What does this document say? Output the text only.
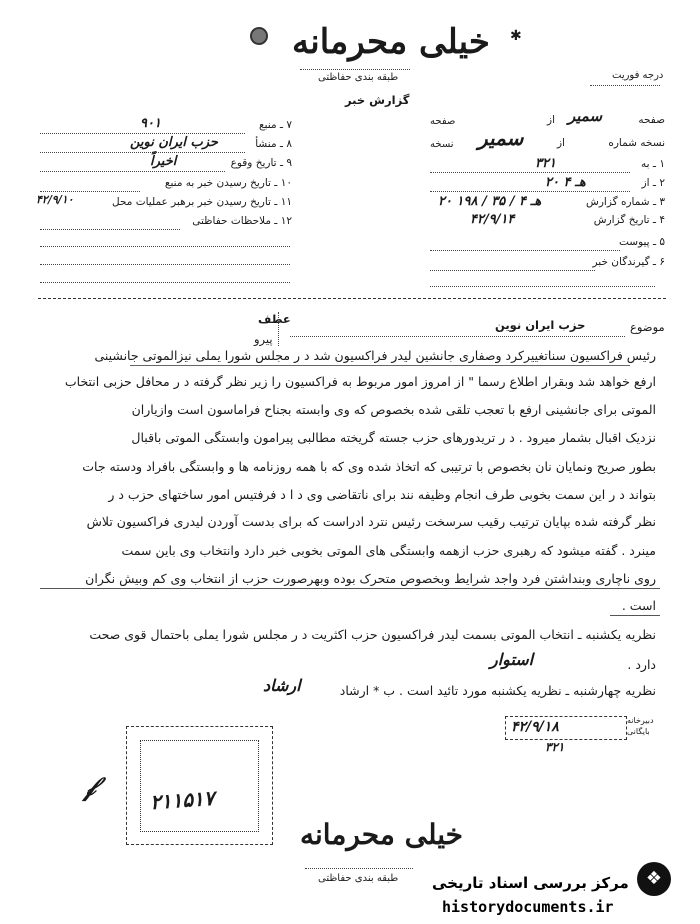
✱
خیلی محرمانه
طبقه بندی حفاظتی
گزارش خبر
درجه فوریت
صفحه از سمیر
صفحه
نسخه شماره از
سمیر
نسخه
۱ ـ به
۳۲۱
۲ ـ از
۲۰ هـ ۴
۳ ـ شماره گزارش
۲۰ هـ ۴ / ۳۵ / ۱۹۸
۴ ـ تاریخ گزارش
۴۲/۹/۱۴
۵ ـ پیوست
۶ ـ گیرندگان خبر
۷ ـ منبع
۹۰۱
۸ ـ منشأ
حزب ایران نوین
۹ ـ تاریخ وقوع
اخیراً
۱۰ ـ تاریخ رسیدن خبر به منبع
۱۱ ـ تاریخ رسیدن خبر برهبر عملیات محل
۴۲/۹/۱۰
۱۲ ـ ملاحظات حفاظتی
عطف
پیرو
موضوع
حزب ایران نوین
رئیس فراکسیون سناتغییرکرد وصفاری جانشین لیدر فراکسیون شد د ر مجلس شورا یملی نیزالموتی جانشینی
ارفع خواهد شد وبقرار اطلاع رسما " از امروز امور مربوط به فراکسیون را زیر نظر گرفته د ر محافل حزبی انتخاب
الموتی برای جانشینی ارفع با تعجب تلقی شده بخصوص که وی وابسته بجناح فراماسون است وازیاران
نزدیک اقبال بشمار میرود . د ر تریدورهای حزب جسته گریخته مطالبی پیرامون وابستگی الموتی باقبال
بطور صریح ونمایان نان بخصوص با ترتیبی که اتخاذ شده وی که با همه روزنامه ها و وابستگی بافراد ودسته جات
بتواند د ر این سمت بخوبی طرف انجام وظیفه نند برای ناتقاضی وی د ا د فرفتیس امور ساختهای حزب د ر
نظر گرفته شده بپایان ترتیب رقیب سرسخت رئیس نترد ادراست که برای بدست آوردن لیدری فراکسیون تلاش
مینرد . گفته میشود که رهبری حزب ازهمه وابستگی های الموتی بخوبی خبر دارد وانتخاب وی باین سمت
روی ناچاری وبنداشتن فرد واجد شرایط وبخصوص متحرک بوده وبهرصورت حزب از انتخاب وی کم وبیش نگران
است .
نظریه یکشنبه ـ انتخاب الموتی بسمت لیدر فراکسیون حزب اکثریت د ر مجلس شورا یملی باحتمال قوی صحت
دارد .
استوار
نظریه چهارشنبه ـ نظریه یکشنبه مورد تائید است . ب * ارشاد
ارشاد
۴۲/۹/۱۸
۳۲۱
دبیرخانه
بایگانی
۲۱۱۵۱۷
𝒻
خیلی محرمانه
طبقه بندی حفاظتی	❖
مرکز بررسی اسناد تاریخی
historydocuments.ir
